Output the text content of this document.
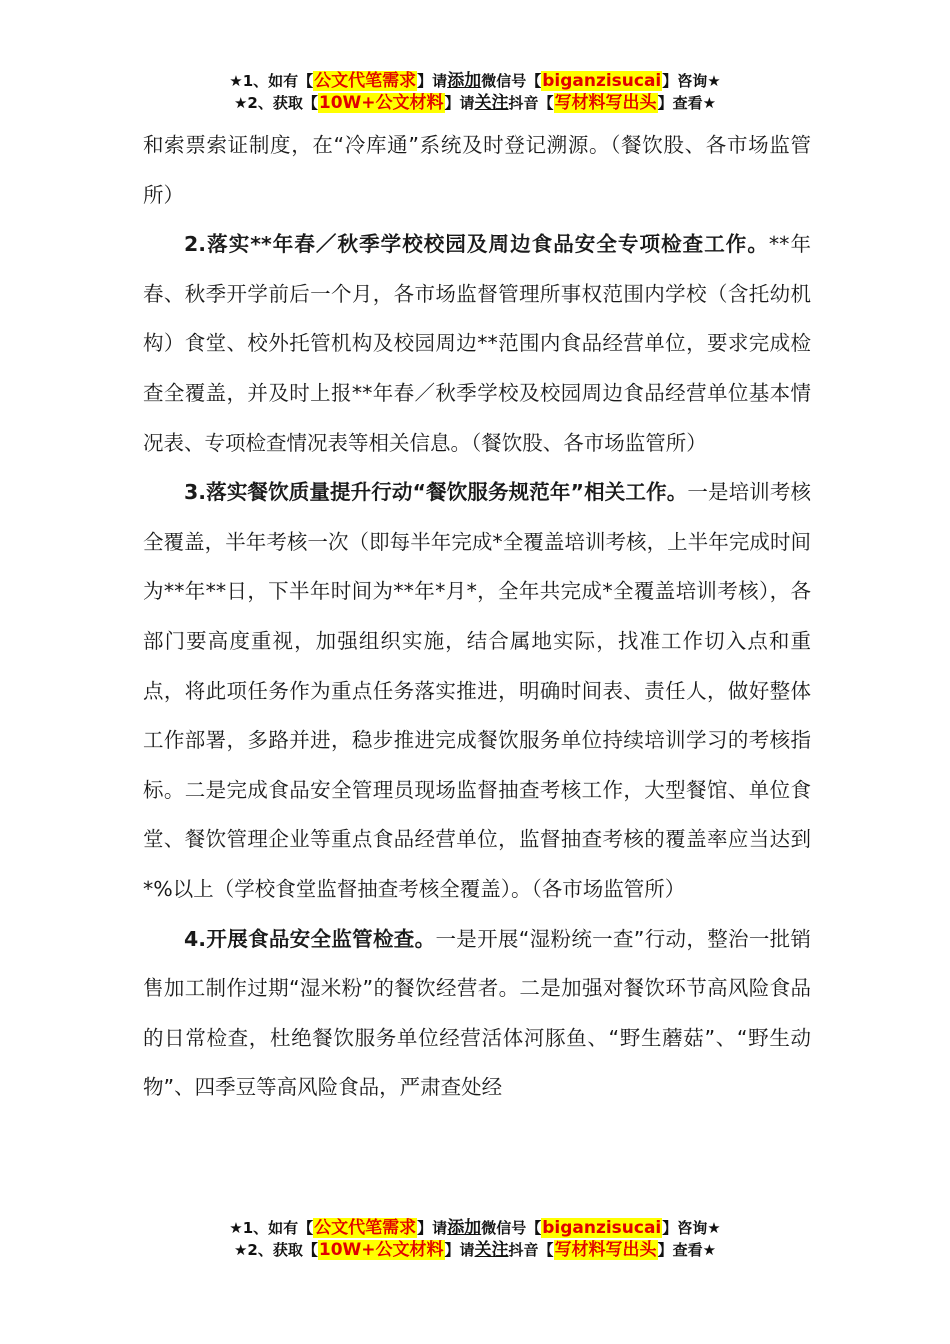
★1、如有【公文代笔需求】请添加微信号【biganzisucai】咨询★
★2、获取【10W+公文材料】请关注抖音【写材料写出头】查看★

和索票索证制度，在“冷库通”系统及时登记溯源。（餐饮股、各市场监管所）

2.落实**年春／秋季学校校园及周边食品安全专项检查工作。**年春、秋季开学前后一个月，各市场监督管理所事权范围内学校（含托幼机构）食堂、校外托管机构及校园周边**范围内食品经营单位，要求完成检查全覆盖，并及时上报**年春／秋季学校及校园周边食品经营单位基本情况表、专项检查情况表等相关信息。（餐饮股、各市场监管所）

3.落实餐饮质量提升行动“餐饮服务规范年”相关工作。一是培训考核全覆盖，半年考核一次（即每半年完成*全覆盖培训考核，上半年完成时间为**年**日，下半年时间为**年*月*，全年共完成*全覆盖培训考核），各部门要高度重视，加强组织实施，结合属地实际，找准工作切入点和重点，将此项任务作为重点任务落实推进，明确时间表、责任人，做好整体工作部署，多路并进，稳步推进完成餐饮服务单位持续培训学习的考核指标。二是完成食品安全管理员现场监督抽查考核工作，大型餐馆、单位食堂、餐饮管理企业等重点食品经营单位，监督抽查考核的覆盖率应当达到*%以上（学校食堂监督抽查考核全覆盖）。（各市场监管所）

4.开展食品安全监管检查。一是开展“湿粉统一查”行动，整治一批销售加工制作过期“湿米粉”的餐饮经营者。二是加强对餐饮环节高风险食品的日常检查，杜绝餐饮服务单位经营活体河豚鱼、“野生蘑菇”、“野生动物”、四季豆等高风险食品，严肃查处经

★1、如有【公文代笔需求】请添加微信号【biganzisucai】咨询★
★2、获取【10W+公文材料】请关注抖音【写材料写出头】查看★
